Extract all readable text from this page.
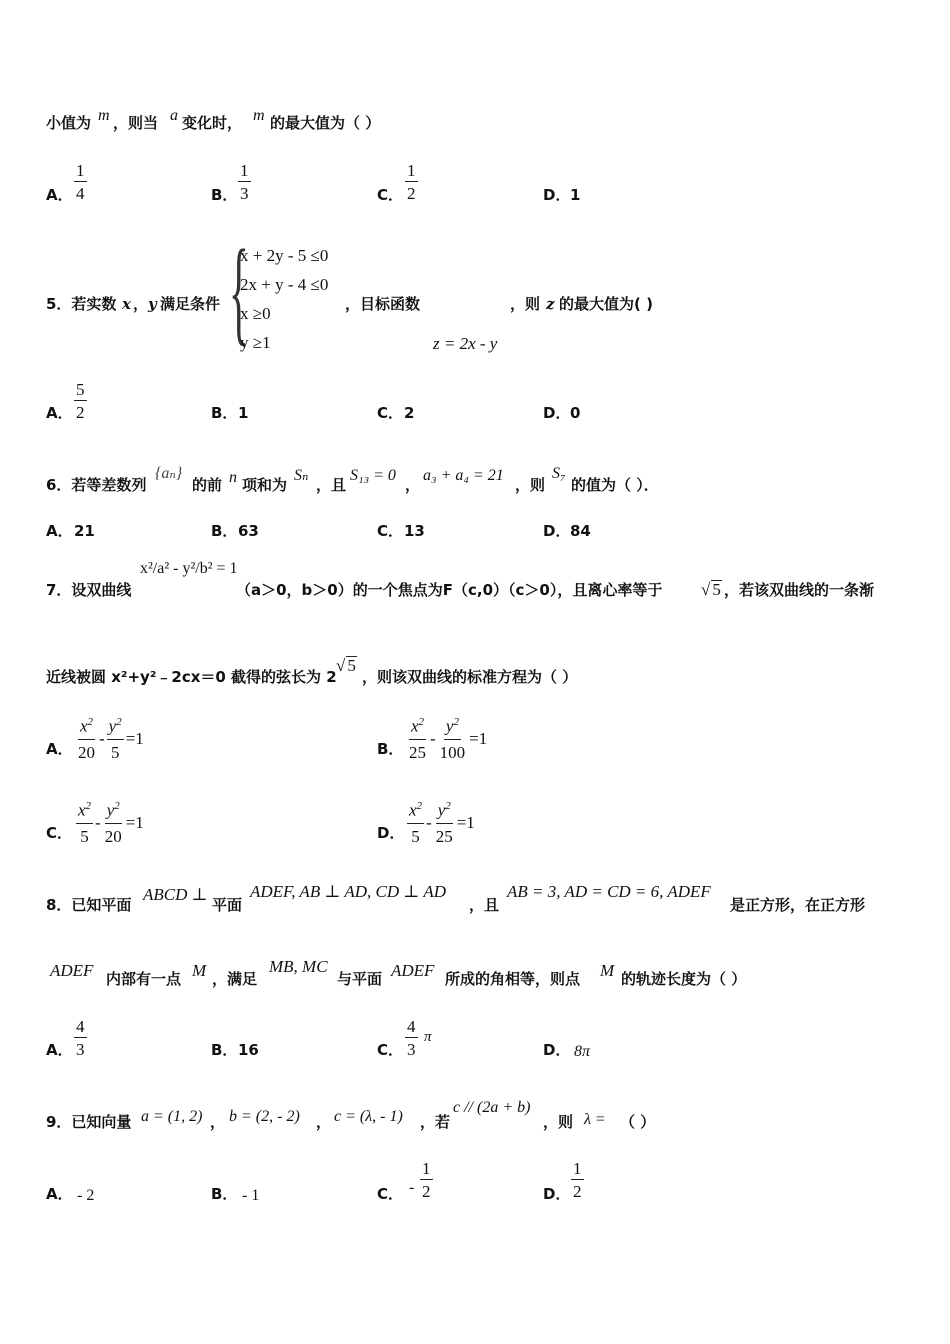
小值为 m ，则当 a 变化时， m 的最大值为（ ）
A． $\frac{1}{4}$	B． $\frac{1}{3}$	C． $\frac{1}{2}$	D． 1
5．若实数 x ， y 满足条件 {
x + 2y - 5 ≤0
2x + y - 4 ≤0
x ≥0
y ≥1
，目标函数	，则 z 的最大值为( )
z = 2x - y
A． $\frac{5}{2}$	B． 1	C． 2	D． 0
6．若等差数列
{aₙ}
的前 n 项和为
Sₙ
，且
S₁₃ = 0
，
a₃ + a₄ = 21
，则
S₇
的值为（ ）．
A． 21	B． 63	C． 13	D． 84
7．设双曲线
x²/a² - y²/b² = 1
（a＞0，b＞0）的一个焦点为F（c,0）（c＞0），且离心率等于 √ 5 ，若该双曲线的一条渐
近线被圆 x²+y²﹣2cx＝0 截得的弦长为 2
√ 5
，则该双曲线的标准方程为（ ）
A．
$x^2$
20
- $\frac{y^2}{5} =1$
B．
$x^2$
25
- $\frac{y^2}{100} =1$
C．
$x^2$
5
- $\frac{y^2}{20} =1$
D．
$x^2$
5
- $\frac{y^2}{25} =1$
8．已知平面
ABCD ⊥
平面
ADEF, AB ⊥ AD, CD ⊥ AD
，且
AB = 3, AD = CD = 6, ADEF
是正方形，在正方形
ADEF 内部有一点 M ，满足
MB, MC
与平面 ADEF 所成的角相等，则点 M 的轨迹长度为（ ）
A． $\frac{4}{3}$	B． 16	C． $\frac{4}{3}$ π
D． 8π
9．已知向量 a = (1, 2) ， b = (2, - 2) ， c = (λ, - 1) ，若
c // (2a + b)
，则 λ = （ ）
A． - 2	B． - 1	C． - $\frac{1}{2}$	D． $\frac{1}{2}$
